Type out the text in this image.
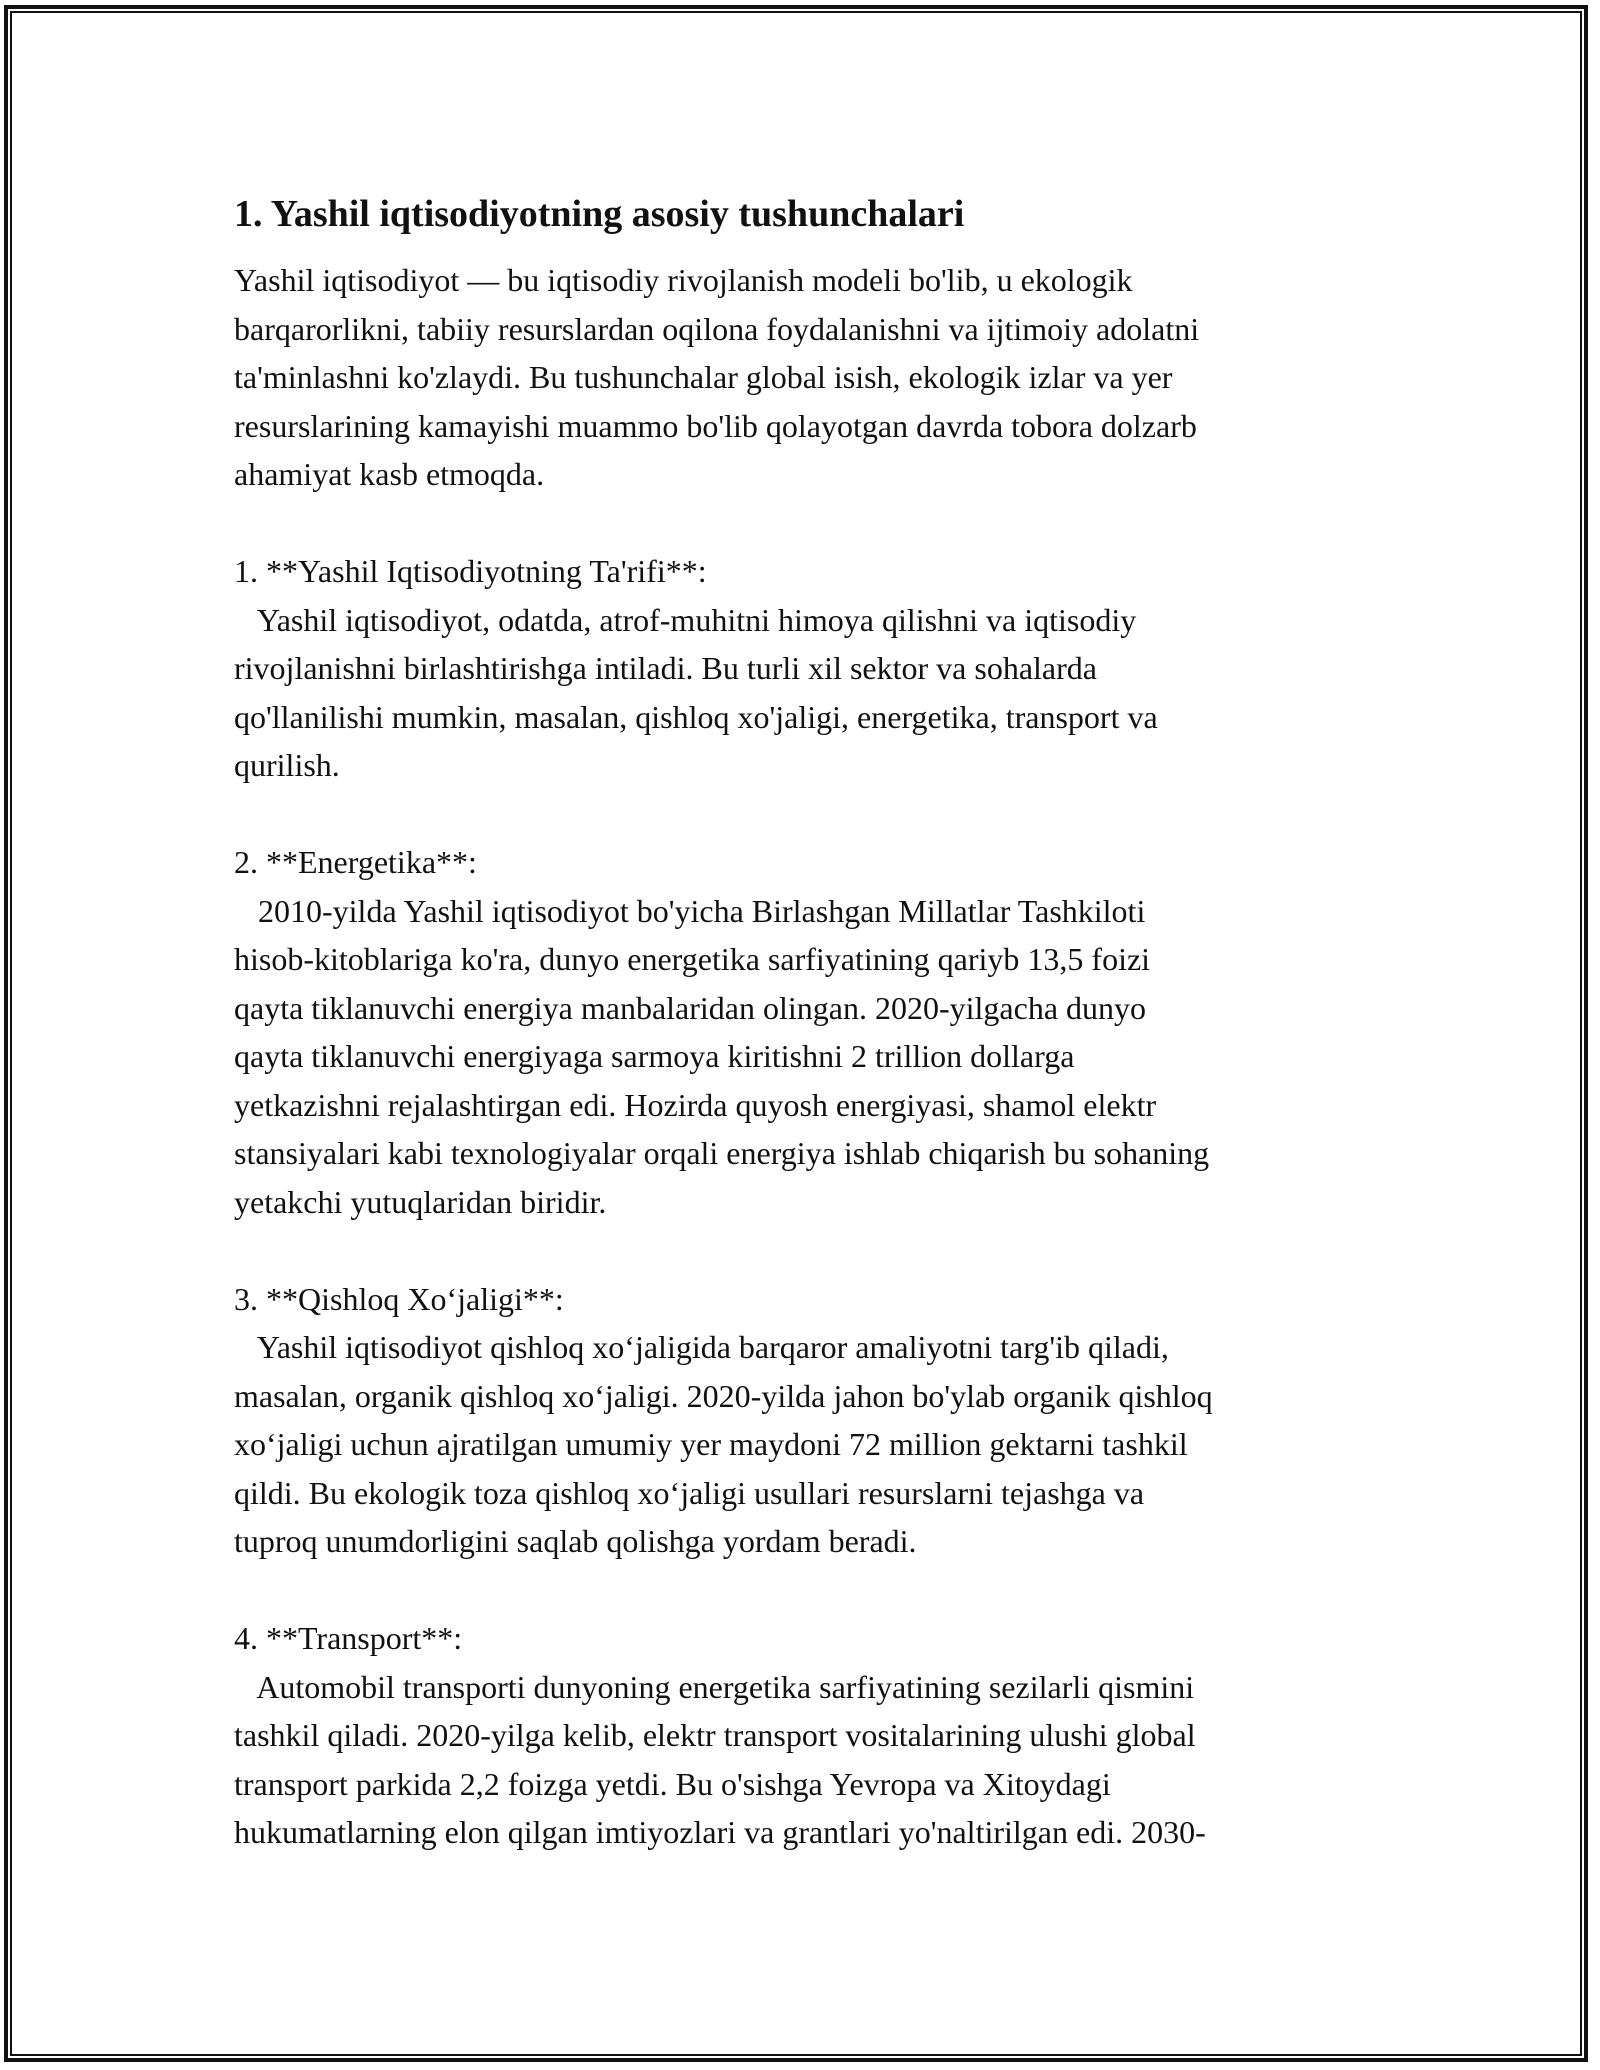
1. Yashil iqtisodiyotning asosiy tushunchalari

Yashil iqtisodiyot — bu iqtisodiy rivojlanish modeli bo'lib, u ekologik
barqarorlikni, tabiiy resurslardan oqilona foydalanishni va ijtimoiy adolatni
ta'minlashni ko'zlaydi. Bu tushunchalar global isish, ekologik izlar va yer
resurslarining kamayishi muammo bo'lib qolayotgan davrda tobora dolzarb
ahamiyat kasb etmoqda.

1. **Yashil Iqtisodiyotning Ta'rifi**:
Yashil iqtisodiyot, odatda, atrof-muhitni himoya qilishni va iqtisodiy
rivojlanishni birlashtirishga intiladi. Bu turli xil sektor va sohalarda
qo'llanilishi mumkin, masalan, qishloq xo'jaligi, energetika, transport va
qurilish.

2. **Energetika**:
2010-yilda Yashil iqtisodiyot bo'yicha Birlashgan Millatlar Tashkiloti
hisob-kitoblariga ko'ra, dunyo energetika sarfiyatining qariyb 13,5 foizi
qayta tiklanuvchi energiya manbalaridan olingan. 2020-yilgacha dunyo
qayta tiklanuvchi energiyaga sarmoya kiritishni 2 trillion dollarga
yetkazishni rejalashtirgan edi. Hozirda quyosh energiyasi, shamol elektr
stansiyalari kabi texnologiyalar orqali energiya ishlab chiqarish bu sohaning
yetakchi yutuqlaridan biridir.

3. **Qishloq Xo‘jaligi**:
Yashil iqtisodiyot qishloq xo‘jaligida barqaror amaliyotni targ'ib qiladi,
masalan, organik qishloq xo‘jaligi. 2020-yilda jahon bo'ylab organik qishloq
xo‘jaligi uchun ajratilgan umumiy yer maydoni 72 million gektarni tashkil
qildi. Bu ekologik toza qishloq xo‘jaligi usullari resurslarni tejashga va
tuproq unumdorligini saqlab qolishga yordam beradi.

4. **Transport**:
Automobil transporti dunyoning energetika sarfiyatining sezilarli qismini
tashkil qiladi. 2020-yilga kelib, elektr transport vositalarining ulushi global
transport parkida 2,2 foizga yetdi. Bu o'sishga Yevropa va Xitoydagi
hukumatlarning elon qilgan imtiyozlari va grantlari yo'naltirilgan edi. 2030-
